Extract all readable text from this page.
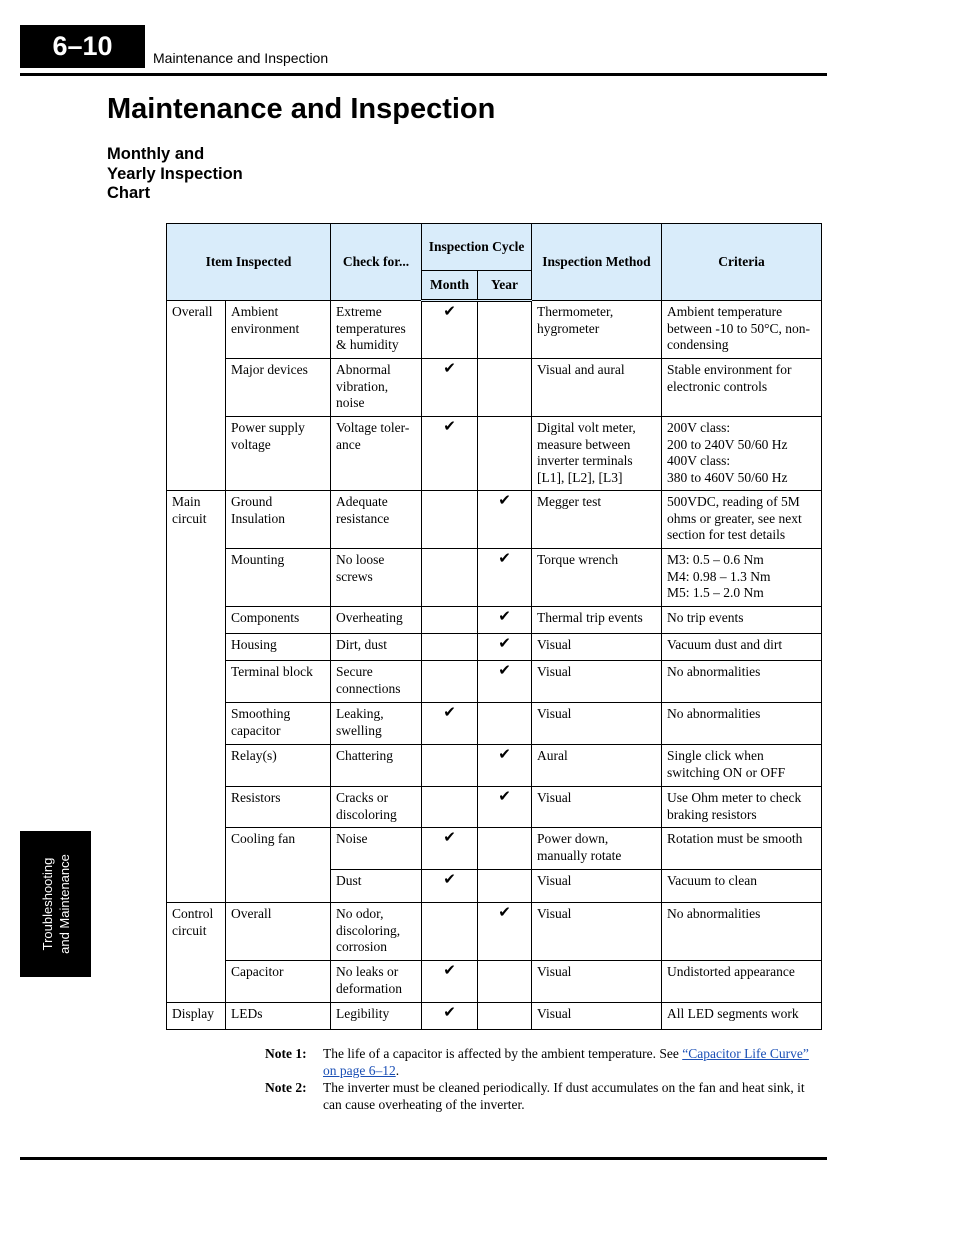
6–10	Maintenance and Inspection
Troubleshooting and Maintenance
Maintenance and Inspection
Monthly and
Yearly Inspection
Chart
Item Inspected		Check for...	Inspection Cycle		Inspection Method	Criteria
			Month	Year		
Overall	Ambient environment	Extreme temperatures & humidity	✔		Thermometer, hygrometer	Ambient temperature between -10 to 50°C, non-condensing
	Major devices	Abnormal vibration, noise	✔		Visual and aural	Stable environment for electronic controls
	Power supply voltage	Voltage toler-ance	✔		Digital volt meter, measure between inverter terminals [L1], [L2], [L3]	200V class:
200 to 240V 50/60 Hz
400V class:
380 to 460V 50/60 Hz
Main circuit	Ground Insulation	Adequate resistance		✔	Megger test	500VDC, reading of 5M ohms or greater, see next section for test details
	Mounting	No loose screws		✔	Torque wrench	M3: 0.5 – 0.6 Nm
M4: 0.98 – 1.3 Nm
M5: 1.5 – 2.0 Nm
	Components	Overheating		✔	Thermal trip events	No trip events
	Housing	Dirt, dust		✔	Visual	Vacuum dust and dirt
	Terminal block	Secure connections		✔	Visual	No abnormalities
	Smoothing capacitor	Leaking, swelling	✔		Visual	No abnormalities
	Relay(s)	Chattering		✔	Aural	Single click when switching ON or OFF
	Resistors	Cracks or discoloring		✔	Visual	Use Ohm meter to check braking resistors
	Cooling fan	Noise	✔		Power down, manually rotate	Rotation must be smooth
		Dust	✔		Visual	Vacuum to clean
Control circuit	Overall	No odor, discoloring, corrosion		✔	Visual	No abnormalities
	Capacitor	No leaks or deformation	✔		Visual	Undistorted appearance
Display	LEDs	Legibility	✔		Visual	All LED segments work
Note 1:	The life of a capacitor is affected by the ambient temperature. See “Capacitor Life Curve” on page 6–12.
Note 2:	The inverter must be cleaned periodically. If dust accumulates on the fan and heat sink, it can cause overheating of the inverter.
